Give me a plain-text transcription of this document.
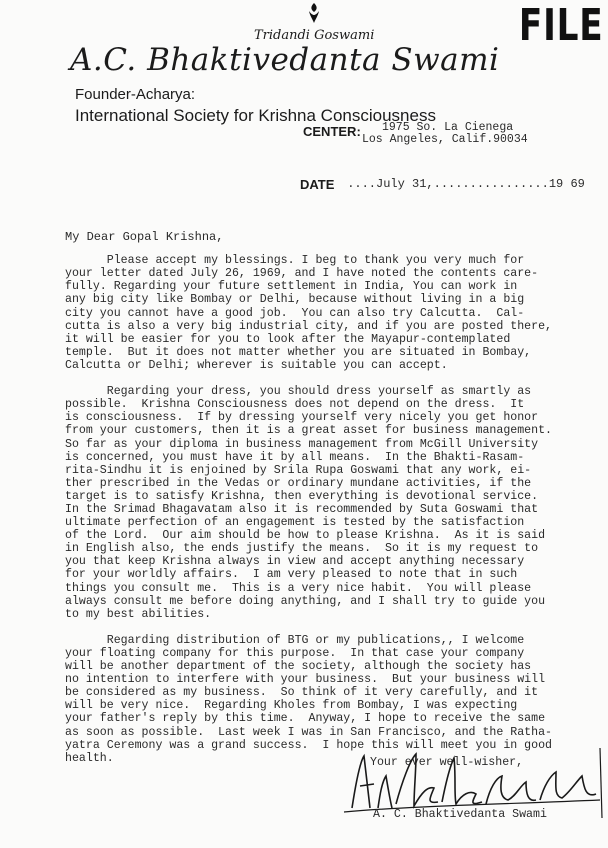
FILE
Tridandi Goswami
A.C. Bhaktivedanta Swami
Founder-Acharya:
International Society for Krishna Consciousness
CENTER: 1975 So. La Cienega
Los Angeles, Calif.90034
DATE ....July 31,................19 69
My Dear Gopal Krishna,
Please accept my blessings. I beg to thank you very much for
your letter dated July 26, 1969, and I have noted the contents care-
fully. Regarding your future settlement in India, You can work in
any big city like Bombay or Delhi, because without living in a big
city you cannot have a good job.  You can also try Calcutta.  Cal-
cutta is also a very big industrial city, and if you are posted there,
it will be easier for you to look after the Mayapur-contemplated
temple.  But it does not matter whether you are situated in Bombay,
Calcutta or Delhi; wherever is suitable you can accept.
Regarding your dress, you should dress yourself as smartly as
possible.  Krishna Consciousness does not depend on the dress.  It
is consciousness.  If by dressing yourself very nicely you get honor
from your customers, then it is a great asset for business management.
So far as your diploma in business management from McGill University
is concerned, you must have it by all means.  In the Bhakti-Rasam-
rita-Sindhu it is enjoined by Srila Rupa Goswami that any work, ei-
ther prescribed in the Vedas or ordinary mundane activities, if the
target is to satisfy Krishna, then everything is devotional service.
In the Srimad Bhagavatam also it is recommended by Suta Goswami that
ultimate perfection of an engagement is tested by the satisfaction
of the Lord.  Our aim should be how to please Krishna.  As it is said
in English also, the ends justify the means.  So it is my request to
you that keep Krishna always in view and accept anything necessary
for your worldly affairs.  I am very pleased to note that in such
things you consult me.  This is a very nice habit.  You will please
always consult me before doing anything, and I shall try to guide you
to my best abilities.
Regarding distribution of BTG or my publications,, I welcome
your floating company for this purpose.  In that case your company
will be another department of the society, although the society has
no intention to interfere with your business.  But your business will
be considered as my business.  So think of it very carefully, and it
will be very nice.  Regarding Kholes from Bombay, I was expecting
your father's reply by this time.  Anyway, I hope to receive the same
as soon as possible.  Last week I was in San Francisco, and the Ratha-
yatra Ceremony was a grand success.  I hope this will meet you in good
health.	Your ever well-wisher,
A. C. Bhaktivedanta Swami
